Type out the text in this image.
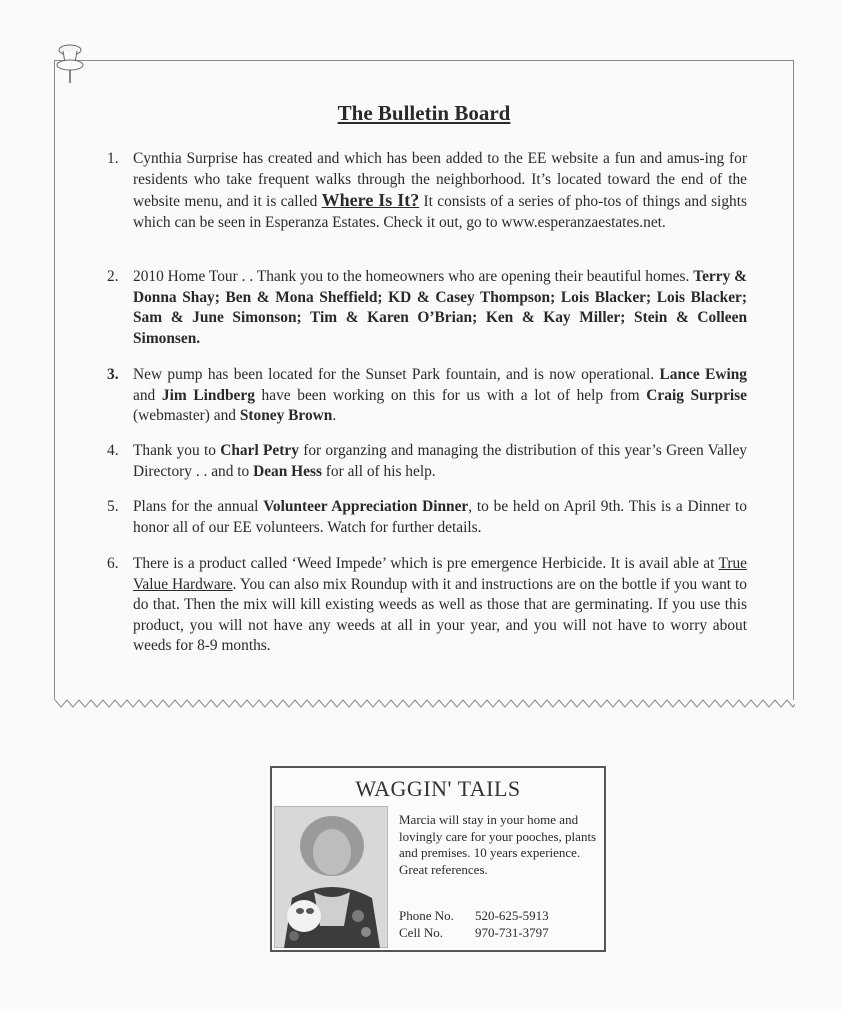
The Bulletin Board
1. Cynthia Surprise has created and which has been added to the EE website a fun and amus-ing for residents who take frequent walks through the neighborhood. It’s located toward the end of the website menu, and it is called Where Is It? It consists of a series of pho-tos of things and sights which can be seen in Esperanza Estates. Check it out, go to www.esperanzaestates.net.
2. 2010 Home Tour . . Thank you to the homeowners who are opening their beautiful homes. Terry & Donna Shay; Ben & Mona Sheffield; KD & Casey Thompson; Lois Blacker; Lois Blacker; Sam & June Simonson; Tim & Karen O’Brian; Ken & Kay Miller; Stein & Colleen Simonsen.
3. New pump has been located for the Sunset Park fountain, and is now operational. Lance Ewing and Jim Lindberg have been working on this for us with a lot of help from Craig Surprise (webmaster) and Stoney Brown.
4. Thank you to Charl Petry for organzing and managing the distribution of this year’s Green Valley Directory . . and to Dean Hess for all of his help.
5. Plans for the annual Volunteer Appreciation Dinner, to be held on April 9th. This is a Dinner to honor all of our EE volunteers. Watch for further details.
6. There is a product called ‘Weed Impede’ which is pre emergence Herbicide. It is avail able at True Value Hardware. You can also mix Roundup with it and instructions are on the bottle if you want to do that. Then the mix will kill existing weeds as well as those that are germinating. If you use this product, you will not have any weeds at all in your year, and you will not have to worry about weeds for 8-9 months.
WAGGIN' TAILS
Marcia will stay in your home and lovingly care for your pooches, plants and premises. 10 years experience. Great references.
Phone No. 520-625-5913
Cell No. 970-731-3797
